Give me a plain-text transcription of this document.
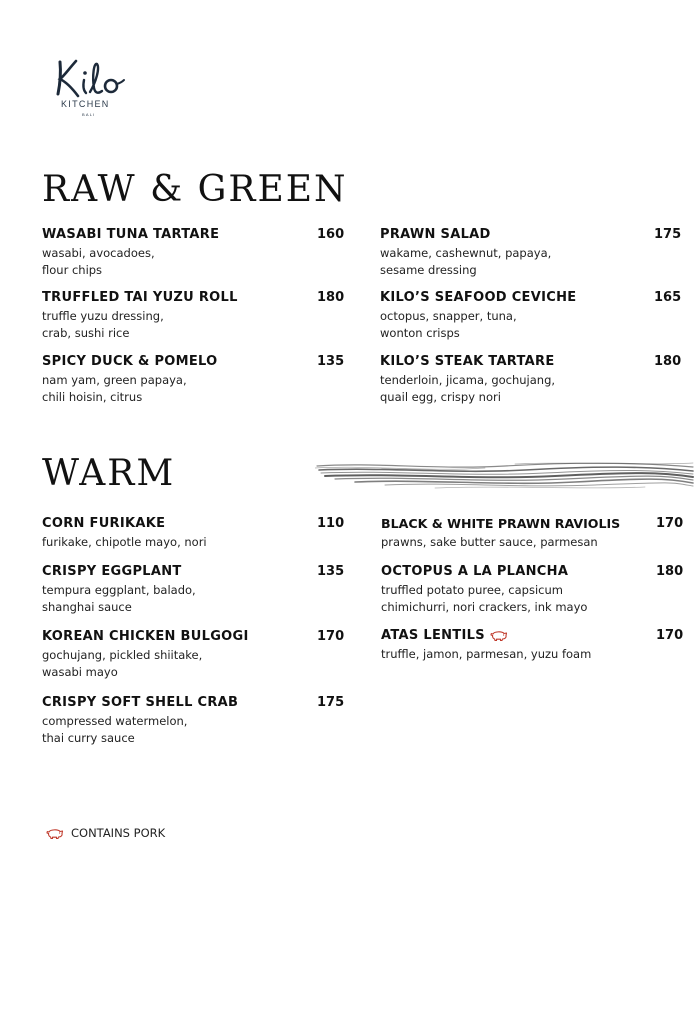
KITCHEN
BALI
RAW & GREEN
WASABI TUNA TARTARE
wasabi, avocadoes,
flour chips
160
TRUFFLED TAI YUZU ROLL
truffle yuzu dressing,
crab, sushi rice
180
SPICY DUCK & POMELO
nam yam, green papaya,
chili hoisin, citrus
135
PRAWN SALAD
wakame, cashewnut, papaya,
sesame dressing
175
KILO’S SEAFOOD CEVICHE
octopus, snapper, tuna,
wonton crisps
165
KILO’S STEAK TARTARE
tenderloin, jicama, gochujang,
quail egg, crispy nori
180
WARM
CORN FURIKAKE
furikake, chipotle mayo, nori
110
CRISPY EGGPLANT
tempura eggplant, balado,
shanghai sauce
135
KOREAN CHICKEN BULGOGI
gochujang, pickled shiitake,
wasabi mayo
170
CRISPY SOFT SHELL CRAB
compressed watermelon,
thai curry sauce
175
BLACK & WHITE PRAWN RAVIOLIS
prawns, sake butter sauce, parmesan
170
OCTOPUS A LA PLANCHA
truffled potato puree, capsicum
chimichurri, nori crackers, ink mayo
180
ATAS LENTILS
truffle, jamon, parmesan, yuzu foam
170
CONTAINS PORK
